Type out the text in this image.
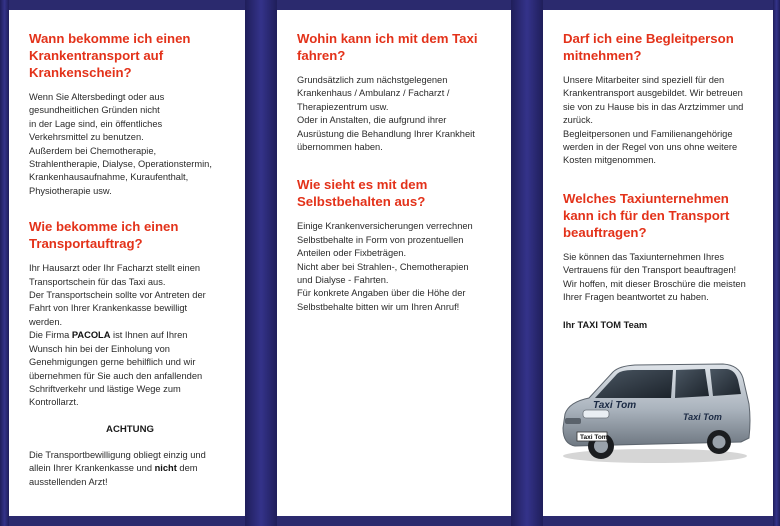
Wann bekomme ich einen Krankentransport auf Krankenschein?

Wenn Sie Altersbedingt oder aus
gesundheitlichen Gründen nicht
in der Lage sind, ein öffentliches
Verkehrsmittel zu benutzen.
Außerdem bei Chemotherapie,
Strahlentherapie, Dialyse, Operationstermin,
Krankenhausaufnahme, Kuraufenthalt,
Physiotherapie usw.

Wie bekomme ich einen Transportauftrag?

Ihr Hausarzt oder Ihr Facharzt stellt einen
Transportschein für das Taxi aus.
Der Transportschein sollte vor Antreten der
Fahrt von Ihrer Krankenkasse bewilligt
werden.
Die Firma PACOLA ist Ihnen auf Ihren
Wunsch hin bei der Einholung von
Genehmigungen gerne behilflich und wir
übernehmen für Sie auch den anfallenden
Schriftverkehr und lästige Wege zum
Kontrollarzt.

ACHTUNG

Die Transportbewilligung obliegt einzig und
allein Ihrer Krankenkasse und nicht dem
ausstellenden Arzt!

Wohin kann ich mit dem Taxi fahren?

Grundsätzlich zum nächstgelegenen
Krankenhaus / Ambulanz / Facharzt /
Therapiezentrum usw.
Oder in Anstalten, die aufgrund ihrer
Ausrüstung die Behandlung Ihrer Krankheit
übernommen haben.

Wie sieht es mit dem Selbstbehalten aus?

Einige Krankenversicherungen verrechnen
Selbstbehalte in Form von prozentuellen
Anteilen oder Fixbeträgen.
Nicht aber bei Strahlen-, Chemotherapien
und Dialyse - Fahrten.
Für konkrete Angaben über die Höhe der
Selbstbehalte bitten wir um Ihren Anruf!

Darf ich eine Begleitperson mitnehmen?

Unsere Mitarbeiter sind speziell für den
Krankentransport ausgebildet. Wir betreuen
sie von zu Hause bis in das Arztzimmer und
zurück.
Begleitpersonen und Familienangehörige
werden in der Regel von uns ohne weitere
Kosten mitgenommen.

Welches Taxiunternehmen kann ich für den Transport beauftragen?

Sie können das Taxiunternehmen Ihres
Vertrauens für den Transport beauftragen!
Wir hoffen, mit dieser Broschüre die meisten
Ihrer Fragen beantwortet zu haben.

Ihr TAXI TOM Team
Taxi Tom
Taxi Tom
Taxi Tom
